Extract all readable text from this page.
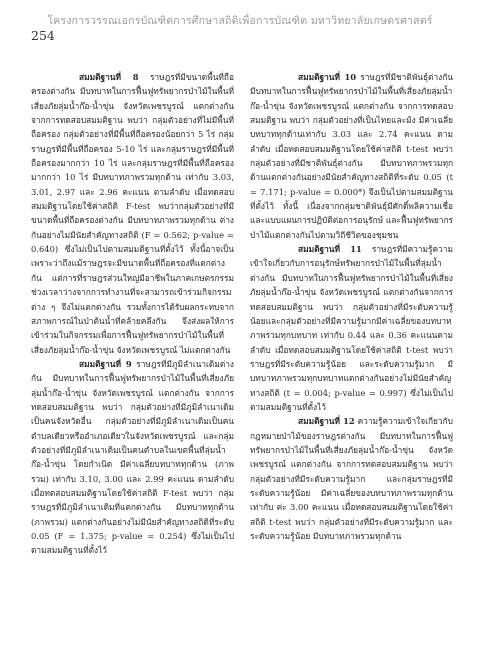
โครงการวรรณเอกรบัณฑิตการศึกษาสถิติเพื่อการบัณฑิต มหาวิทยาลัยเกษตรศาสตร์
254

สมมติฐานที่ 8 ราษฎรที่มีขนาดพื้นที่ถือครองต่างกัน มีบทบาทในการฟื้นฟูทรัพยากรป่าไม้ในพื้นที่เสี่ยงภัยลุ่มน้ำก๊อ-น้ำขุ่น จังหวัดเพชรบูรณ์ แตกต่างกัน จากการทดสอบสมมติฐาน พบว่า กลุ่มตัวอย่างที่ไม่มีพื้นที่ถือครอง กลุ่มตัวอย่างที่มีพื้นที่ถือครองน้อยกว่า 5 ไร่ กลุ่มราษฎรที่มีพื้นที่ถือครอง 5-10 ไร่ และกลุ่มราษฎรที่มีพื้นที่ถือครองมากกว่า 10 ไร่ และกลุ่มราษฎรที่มีพื้นที่ถือครองมากกว่า 10 ไร่ มีบทบาทภาพรวมทุกด้าน เท่ากับ 3.03, 3.01, 2.97 และ 2.96 คะแนน ตามลำดับ เมื่อทดสอบสมมติฐานโดยใช้ค่าสถิติ F-test พบว่ากลุ่มตัวอย่างที่มีขนาดพื้นที่ถือครองต่างกัน มีบทบาทภาพรวมทุกด้าน ต่างกันอย่างไม่มีนัยสำคัญทางสถิติ (F = 0.562; p-value = 0.640) ซึ่งไม่เป็นไปตามสมมติฐานที่ตั้งไว้ ทั้งนี้อาจเป็นเพราะว่าถึงแม้ราษฎรจะมีขนาดพื้นที่ถือครองที่แตกต่างกัน แต่การที่ราษฎรส่วนใหญ่มีอาชีพในภาคเกษตรกรรม ช่วงเวลาว่างจากการทำงานที่จะสามารถเข้าร่วมกิจกรรมต่าง ๆ จึงไม่แตกต่างกัน รวมทั้งการได้รับผลกระทบจากสภาพการณ์ในป่าต้นน้ำที่คล้ายคลึงกัน จึงส่งผลให้การเข้าร่วมในกิจกรรมเพื่อการฟื้นฟูทรัพยากรป่าไม้ในพื้นที่เสี่ยงภัยลุ่มน้ำก๊อ-น้ำขุ่น จังหวัดเพชรบูรณ์ ไม่แตกต่างกัน

สมมติฐานที่ 9 ราษฎรที่มีภูมิลำเนาเดิมต่างกัน มีบทบาทในการฟื้นฟูทรัพยากรป่าไม้ในพื้นที่เสี่ยงภัยลุ่มน้ำก๊อ-น้ำขุ่น จังหวัดเพชรบูรณ์ แตกต่างกัน จากการทดสอบสมมติฐาน พบว่า กลุ่มตัวอย่างที่มีภูมิลำเนาเดิมเป็นคนจังหวัดอื่น กลุ่มตัวอย่างที่มีภูมิลำเนาเดิมเป็นคนตำบลเดียวหรืออำเภอเดียวในจังหวัดเพชรบูรณ์ และกลุ่มตัวอย่างที่มีภูมิลำเนาเดิมเป็นคนตำบลในเขตพื้นที่ลุ่มน้ำก๊อ-น้ำขุ่น โดยกำเนิด มีค่าเฉลี่ยบทบาททุกด้าน (ภาพรวม) เท่ากับ 3.10, 3.00 และ 2.99 คะแนน ตามลำดับ เมื่อทดสอบสมมติฐานโดยใช้ค่าสถิติ F-test พบว่า กลุ่มราษฎรที่มีภูมิลำเนาเดิมที่แตกต่างกัน มีบทบาททุกด้าน (ภาพรวม) แตกต่างกันอย่างไม่มีนัยสำคัญทางสถิติที่ระดับ 0.05 (F = 1.375; p-value = 0.254) ซึ่งไม่เป็นไปตามสมมติฐานที่ตั้งไว้

สมมติฐานที่ 10 ราษฎรที่มีชาติพันธุ์ต่างกัน มีบทบาทในการฟื้นฟูทรัพยากรป่าไม้ในพื้นที่เสี่ยงภัยลุ่มน้ำก๊อ-น้ำขุ่น จังหวัดเพชรบูรณ์ แตกต่างกัน จากการทดสอบสมมติฐาน พบว่า กลุ่มตัวอย่างที่เป็นไทยและม้ง มีค่าเฉลี่ยบทบาททุกด้านเท่ากับ 3.03 และ 2.74 คะแนน ตามลำดับ เมื่อทดสอบสมมติฐานโดยใช้ค่าสถิติ t-test พบว่า กลุ่มตัวอย่างที่มีชาติพันธุ์ต่างกัน มีบทบาทภาพรวมทุกด้านแตกต่างกันอย่างมีนัยสำคัญทางสถิติที่ระดับ 0.05 (t = 7.171; p-value = 0.000*) จึงเป็นไปตามสมมติฐานที่ตั้งไว้ ทั้งนี้ เนื่องจากกลุ่มชาติพันธุ์มีศักดิ์พลิความเชื่อ และแบบแผนการปฏิบัติต่อการอนุรักษ์ และฟื้นฟูทรัพยากรป่าไม้แตกต่างกันไปตามวิถีชีวิตของชุมชน

สมมติฐานที่ 11 ราษฎรที่มีความรู้ความเข้าใจเกี่ยวกับการอนุรักษ์ทรัพยากรป่าไม้ในพื้นที่ลุ่มน้ำต่างกัน มีบทบาทในการฟื้นฟูทรัพยากรป่าไม้ในพื้นที่เสี่ยงภัยลุ่มน้ำก๊อ-น้ำขุ่น จังหวัดเพชรบูรณ์ แตกต่างกันจากการทดสอบสมมติฐาน พบว่า กลุ่มตัวอย่างที่มีระดับความรู้น้อยและกลุ่มตัวอย่างที่มีความรู้มากมีค่าเฉลี่ยของบทบาทภาพรวมทุกบทบาท เท่ากับ 0.44 และ 0.36 คะแนนตามลำดับ เมื่อทดสอบสมมติฐานโดยใช้ค่าสถิติ t-test พบว่า ราษฎรที่มีระดับความรู้น้อย และระดับความรู้มาก มีบทบาทภาพรวมทุกบทบาทแตกต่างกันอย่างไม่มีนัยสำคัญทางสถิติ (t = 0.004; p-value = 0.997) ซึ่งไม่เป็นไปตามสมมติฐานที่ตั้งไว้

สมมติฐานที่ 12 ความรู้ความเข้าใจเกี่ยวกับกฎหมายป่าไม้ของราษฎรต่างกัน มีบทบาทในการฟื้นฟูทรัพยากรป่าไม้ในพื้นที่เสี่ยงภัยลุ่มน้ำก๊อ-น้ำขุ่น จังหวัดเพชรบูรณ์ แตกต่างกัน จากการทดสอบสมมติฐาน พบว่า กลุ่มตัวอย่างที่มีระดับความรู้มาก และกลุ่มราษฎรที่มีระดับความรู้น้อย มีค่าเฉลี่ยของบทบาทภาพรวมทุกด้าน เท่ากับ ค่ะ 3.00 คะแนน เมื่อทดสอบสมมติฐานโดยใช้ค่าสถิติ t-test พบว่า กลุ่มตัวอย่างที่มีระดับความรู้มาก และระดับความรู้น้อย มีบทบาทภาพรวมทุกด้าน
